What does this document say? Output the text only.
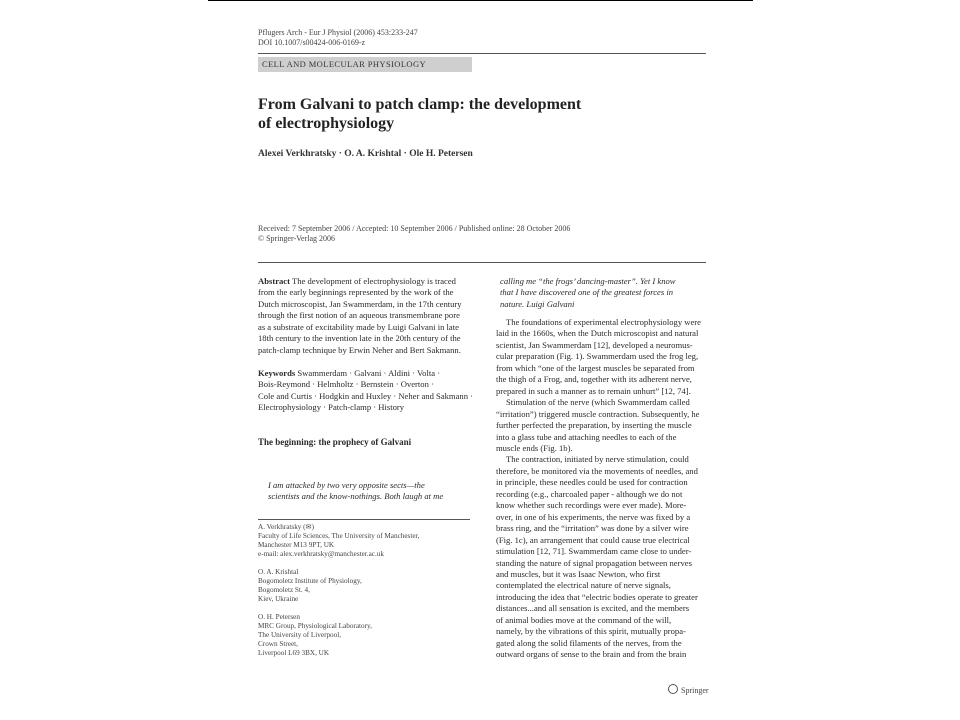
Pflugers Arch - Eur J Physiol (2006) 453:233-247
DOI 10.1007/s00424-006-0169-z
CELL AND MOLECULAR PHYSIOLOGY
From Galvani to patch clamp: the development
of electrophysiology
Alexei Verkhratsky · O. A. Krishtal · Ole H. Petersen
Received: 7 September 2006 / Accepted: 10 September 2006 / Published online: 28 October 2006
© Springer-Verlag 2006
Abstract The development of electrophysiology is traced
from the early beginnings represented by the work of the
Dutch microscopist, Jan Swammerdam, in the 17th century
through the first notion of an aqueous transmembrane pore
as a substrate of excitability made by Luigi Galvani in late
18th century to the invention late in the 20th century of the
patch-clamp technique by Erwin Neher and Bert Sakmann.
Keywords Swammerdam · Galvani · Aldini · Volta ·
Bois-Reymond · Helmholtz · Bernstein · Overton ·
Cole and Curtis · Hodgkin and Huxley · Neher and Sakmann ·
Electrophysiology · Patch-clamp · History
The beginning: the prophecy of Galvani
I am attacked by two very opposite sects—the
scientists and the know-nothings. Both laugh at me
A. Verkhratsky (✉)
Faculty of Life Sciences, The University of Manchester,
Manchester M13 9PT, UK
e-mail: alex.verkhratsky@manchester.ac.uk

O. A. Krishtal
Bogomoletz Institute of Physiology,
Bogomoletz St. 4,
Kiev, Ukraine

O. H. Petersen
MRC Group, Physiological Laboratory,
The University of Liverpool,
Crown Street,
Liverpool L69 3BX, UK
calling me “the frogs’ dancing-master”. Yet I know
that I have discovered one of the greatest forces in
nature. Luigi Galvani
The foundations of experimental electrophysiology were
laid in the 1660s, when the Dutch microscopist and natural
scientist, Jan Swammerdam [12], developed a neuromus-
cular preparation (Fig. 1). Swammerdam used the frog leg,
from which “one of the largest muscles be separated from
the thigh of a Frog, and, together with its adherent nerve,
prepared in such a manner as to remain unhurt” [12, 74].
Stimulation of the nerve (which Swammerdam called
“irritation”) triggered muscle contraction. Subsequently, he
further perfected the preparation, by inserting the muscle
into a glass tube and attaching needles to each of the
muscle ends (Fig. 1b).
The contraction, initiated by nerve stimulation, could
therefore, be monitored via the movements of needles, and
in principle, these needles could be used for contraction
recording (e.g., charcoaled paper - although we do not
know whether such recordings were ever made). More-
over, in one of his experiments, the nerve was fixed by a
brass ring, and the “irritation” was done by a silver wire
(Fig. 1c), an arrangement that could cause true electrical
stimulation [12, 71]. Swammerdam came close to under-
standing the nature of signal propagation between nerves
and muscles, but it was Isaac Newton, who first
contemplated the electrical nature of nerve signals,
introducing the idea that “electric bodies operate to greater
distances...and all sensation is excited, and the members
of animal bodies move at the command of the will,
namely, by the vibrations of this spirit, mutually propa-
gated along the solid filaments of the nerves, from the
outward organs of sense to the brain and from the brain
Springer
